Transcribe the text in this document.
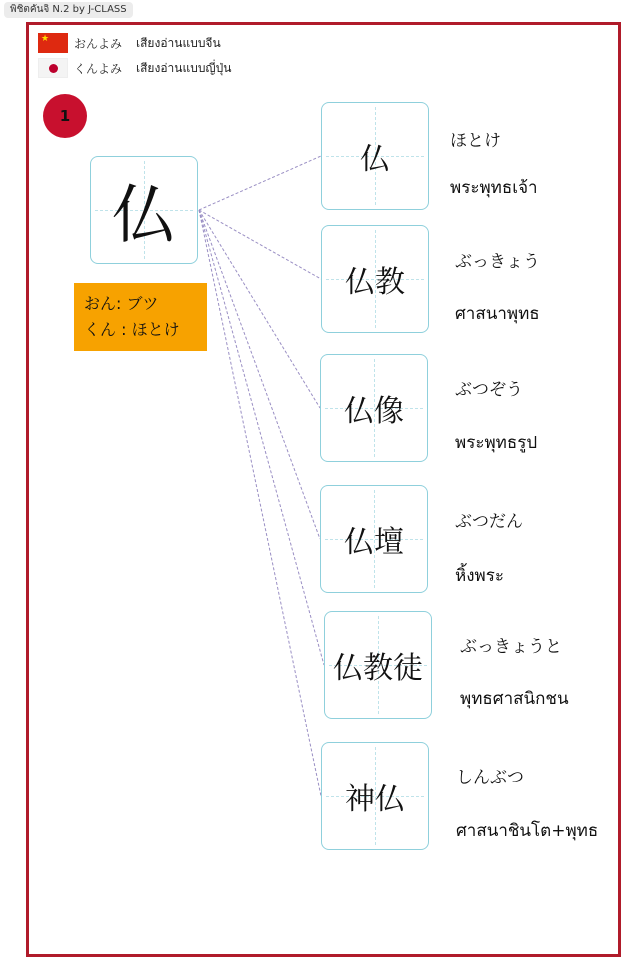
พิชิตคันจิ N.2 by J-CLASS
★ おんよみ	เสียงอ่านแบบจีน
くんよみ	เสียงอ่านแบบญี่ปุ่น
1
仏
おん: ブツ
くん : ほとけ
仏
ほとけ
พระพุทธเจ้า
仏教
ぶっきょう
ศาสนาพุทธ
仏像
ぶつぞう
พระพุทธรูป
仏壇
ぶつだん
หิ้งพระ
仏教徒
ぶっきょうと
พุทธศาสนิกชน
神仏
しんぶつ
ศาสนาชินโต+พุทธ
